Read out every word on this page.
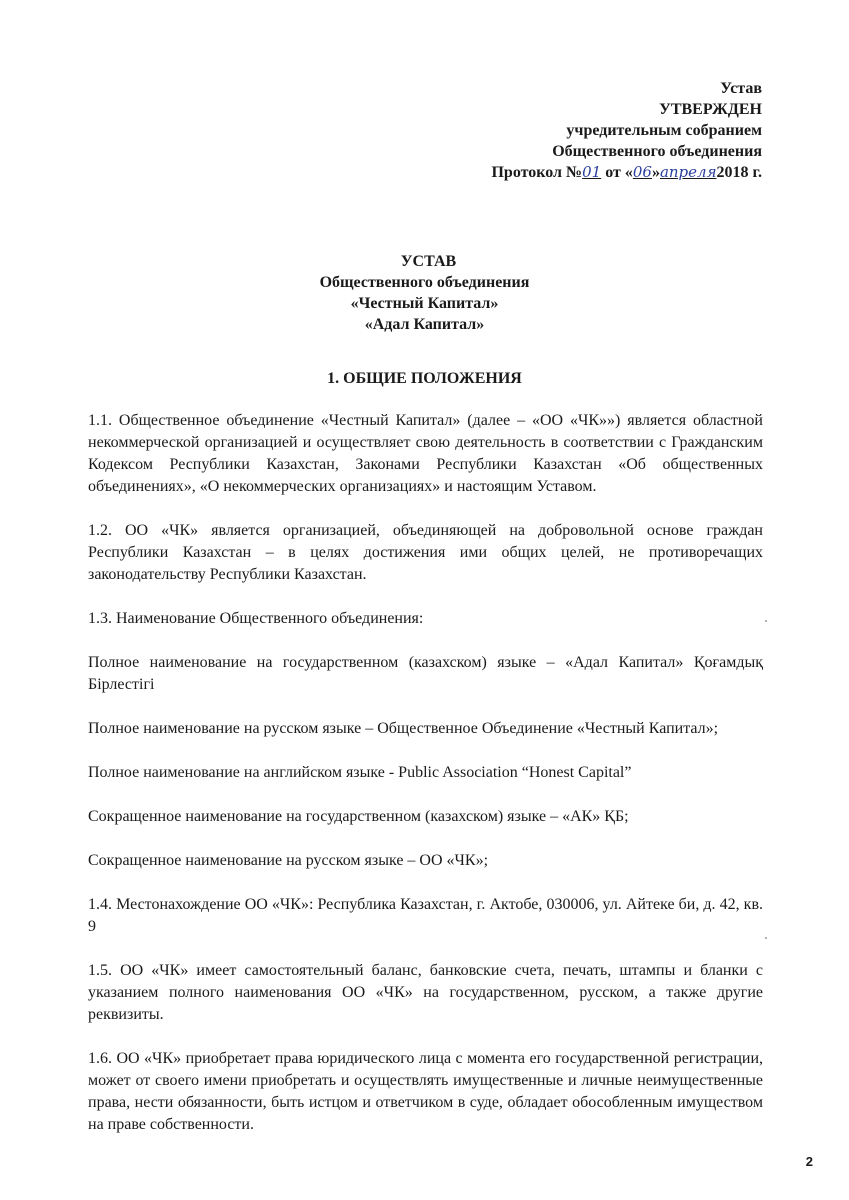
Устав
УТВЕРЖДЕН
учредительным собранием
Общественного объединения
Протокол №01 от «06»апреля2018 г.
УСТАВ
Общественного объединения
«Честный Капитал»
«Адал Капитал»
1. ОБЩИЕ ПОЛОЖЕНИЯ

1.1. Общественное объединение «Честный Капитал» (далее – «ОО «ЧК»») является областной некоммерческой организацией и осуществляет свою деятельность в соответствии с Гражданским Кодексом Республики Казахстан, Законами Республики Казахстан «Об общественных объединениях», «О некоммерческих организациях» и настоящим Уставом.

1.2. ОО «ЧК» является организацией, объединяющей на добровольной основе граждан Республики Казахстан – в целях достижения ими общих целей, не противоречащих законодательству Республики Казахстан.

1.3. Наименование Общественного объединения:

Полное наименование на государственном (казахском) языке – «Адал Капитал» Қоғамдық Бірлестігі

Полное наименование на русском языке – Общественное Объединение «Честный Капитал»;

Полное наименование на английском языке - Public Association “Honest Capital”

Сокращенное наименование на государственном (казахском) языке – «АК» ҚБ;

Сокращенное наименование на русском языке – ОО «ЧК»;

1.4. Местонахождение ОО «ЧК»: Республика Казахстан, г. Актобе, 030006, ул. Айтеке би, д. 42, кв. 9

1.5. ОО «ЧК» имеет самостоятельный баланс, банковские счета, печать, штампы и бланки с указанием полного наименования ОО «ЧК» на государственном, русском, а также другие реквизиты.

1.6. ОО «ЧК» приобретает права юридического лица с момента его государственной регистрации, может от своего имени приобретать и осуществлять имущественные и личные неимущественные права, нести обязанности, быть истцом и ответчиком в суде, обладает обособленным имуществом на праве собственности.

2
